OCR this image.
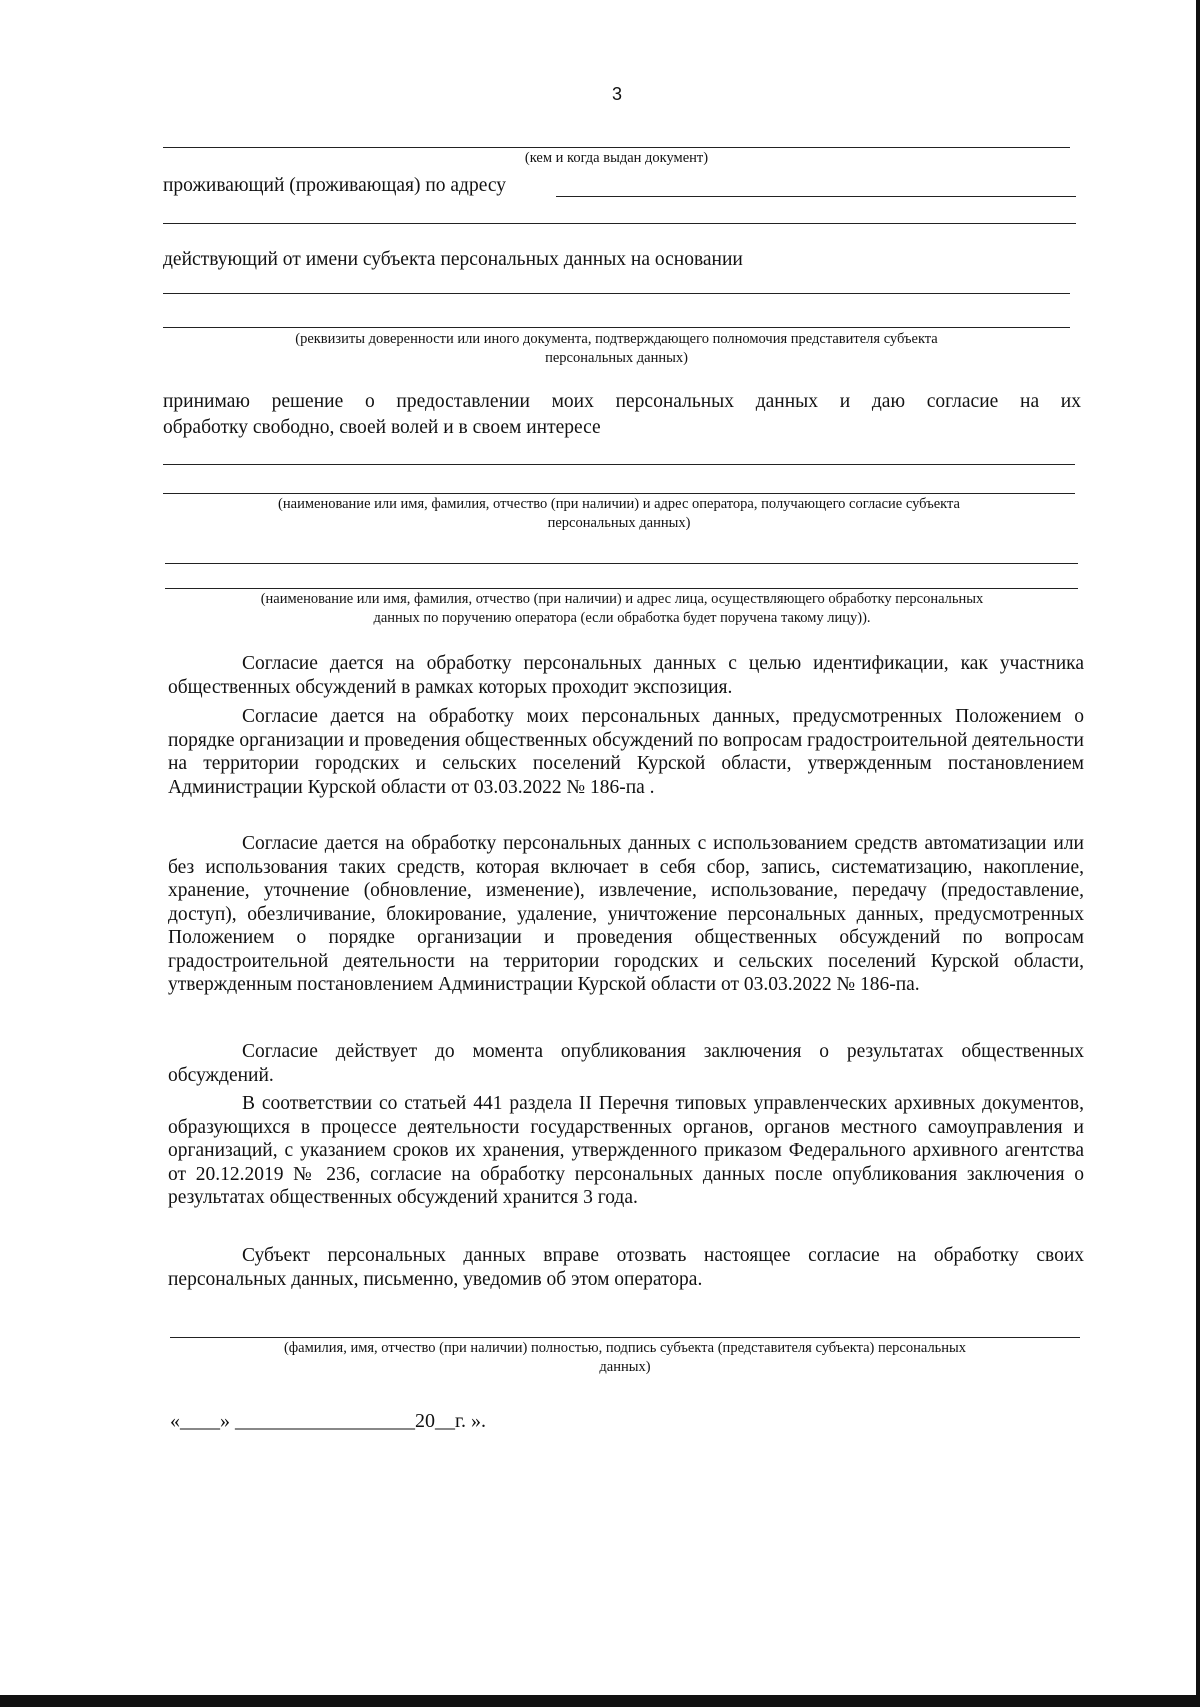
3
(кем и когда выдан документ)
проживающий (проживающая) по адресу
действующий от имени субъекта персональных данных на основании
(реквизиты доверенности или иного документа, подтверждающего полномочия представителя субъекта
персональных данных)
принимаю решение о предоставлении моих персональных данных и даю согласие на их
обработку свободно, своей волей и в своем интересе
(наименование или имя, фамилия, отчество (при наличии) и адрес оператора, получающего согласие субъекта
персональных данных)
(наименование или имя, фамилия, отчество (при наличии) и адрес лица, осуществляющего обработку персональных
данных по поручению оператора (если обработка будет поручена такому лицу)).

Согласие дается на обработку персональных данных с целью идентификации, как участника общественных обсуждений в рамках которых проходит экспозиция.

Согласие дается на обработку моих персональных данных, предусмотренных Положением о порядке организации и проведения общественных обсуждений по вопросам градостроительной деятельности на территории городских и сельских поселений Курской области, утвержденным постановлением Администрации Курской области от 03.03.2022 № 186-па .

Согласие дается на обработку персональных данных с использованием средств автоматизации или без использования таких средств, которая включает в себя сбор, запись, систематизацию, накопление, хранение, уточнение (обновление, изменение), извлечение, использование, передачу (предоставление, доступ), обезличивание, блокирование, удаление, уничтожение персональных данных, предусмотренных Положением о порядке организации и проведения общественных обсуждений по вопросам градостроительной деятельности на территории городских и сельских поселений Курской области, утвержденным постановлением Администрации Курской области от 03.03.2022 № 186-па.

Согласие действует до момента опубликования заключения о результатах общественных обсуждений.

В соответствии со статьей 441 раздела II Перечня типовых управленческих архивных документов, образующихся в процессе деятельности государственных органов, органов местного самоуправления и организаций, с указанием сроков их хранения, утвержденного приказом Федерального архивного агентства от 20.12.2019 № 236, согласие на обработку персональных данных после опубликования заключения о результатах общественных обсуждений хранится 3 года.

Субъект персональных данных вправе отозвать настоящее согласие на обработку своих персональных данных, письменно, уведомив об этом оператора.

(фамилия, имя, отчество (при наличии) полностью, подпись субъекта (представителя субъекта) персональных
данных)
«____» __________________20__г. ».
